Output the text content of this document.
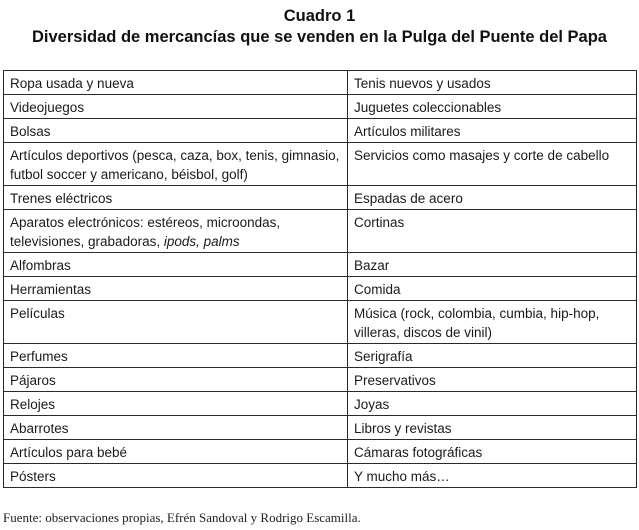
Cuadro 1
Diversidad de mercancías que se venden en la Pulga del Puente del Papa
Ropa usada y nueva	Tenis nuevos y usados
Videojuegos	Juguetes coleccionables
Bolsas	Artículos militares
Artículos deportivos (pesca, caza, box, tenis, gimnasio, futbol soccer y americano, béisbol, golf)	Servicios como masajes y corte de cabello
Trenes eléctricos	Espadas de acero
Aparatos electrónicos: estéreos, microondas, televisiones, grabadoras, ipods, palms	Cortinas
Alfombras	Bazar
Herramientas	Comida
Películas	Música (rock, colombia, cumbia, hip-hop, villeras, discos de vinil)
Perfumes	Serigrafía
Pájaros	Preservativos
Relojes	Joyas
Abarrotes	Libros y revistas
Artículos para bebé	Cámaras fotográficas
Pósters	Y mucho más…
Fuente: observaciones propias, Efrén Sandoval y Rodrigo Escamilla.
